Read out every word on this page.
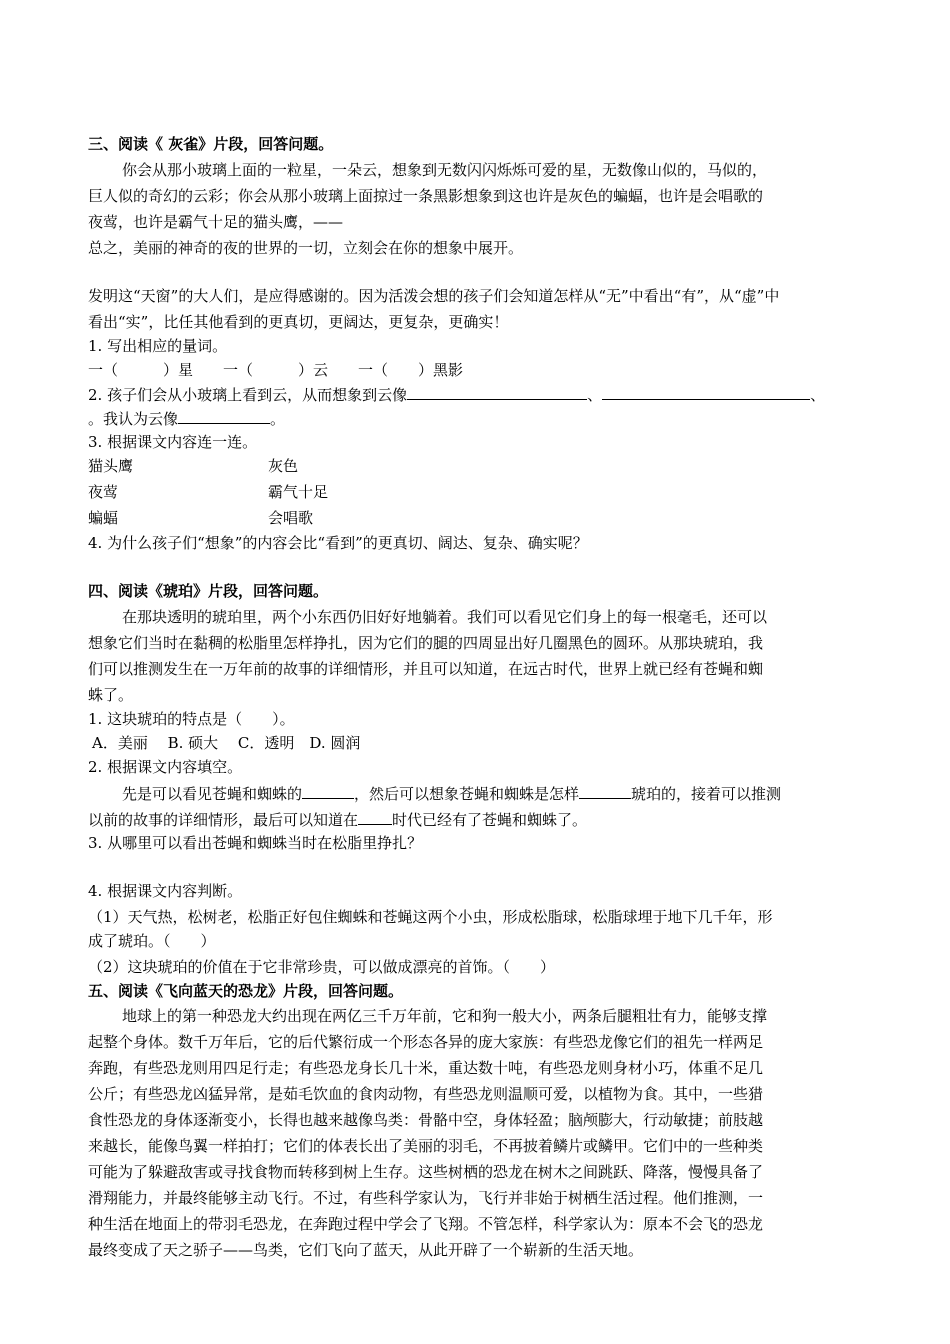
三、阅读《 灰雀》片段，回答问题。
你会从那小玻璃上面的一粒星，一朵云，想象到无数闪闪烁烁可爱的星，无数像山似的，马似的，
巨人似的奇幻的云彩；你会从那小玻璃上面掠过一条黑影想象到这也许是灰色的蝙蝠，也许是会唱歌的
夜莺，也许是霸气十足的猫头鹰，——
总之，美丽的神奇的夜的世界的一切，立刻会在你的想象中展开。
发明这“天窗”的大人们，是应得感谢的。因为活泼会想的孩子们会知道怎样从“无”中看出“有”，从“虚”中
看出“实”，比任其他看到的更真切，更阔达，更复杂，更确实！
1. 写出相应的量词。
一（　　　）星　　一（　　　）云　　一（　　）黑影
2. 孩子们会从小玻璃上看到云，从而想象到云像	、	、
。我认为云像	。
3. 根据课文内容连一连。
猫头鹰	灰色
夜莺	霸气十足
蝙蝠	会唱歌
4. 为什么孩子们“想象”的内容会比“看到”的更真切、阔达、复杂、确实呢？
四、阅读《琥珀》片段，回答问题。
在那块透明的琥珀里，两个小东西仍旧好好地躺着。我们可以看见它们身上的每一根毫毛，还可以
想象它们当时在黏稠的松脂里怎样挣扎，因为它们的腿的四周显出好几圈黑色的圆环。从那块琥珀，我
们可以推测发生在一万年前的故事的详细情形，并且可以知道，在远古时代，世界上就已经有苍蝇和蜘
蛛了。
1. 这块琥珀的特点是（　　）。
A．美丽　 B. 硕大　 C．透明　D. 圆润
2. 根据课文内容填空。
先是可以看见苍蝇和蜘蛛的	，然后可以想象苍蝇和蜘蛛是怎样	琥珀的，接着可以推测
以前的故事的详细情形，最后可以知道在 时代已经有了苍蝇和蜘蛛了。
3. 从哪里可以看出苍蝇和蜘蛛当时在松脂里挣扎？
4. 根据课文内容判断。
（1）天气热，松树老，松脂正好包住蜘蛛和苍蝇这两个小虫，形成松脂球，松脂球埋于地下几千年，形
成了琥珀。（　　）
（2）这块琥珀的价值在于它非常珍贵，可以做成漂亮的首饰。（　　）
五、阅读《飞向蓝天的恐龙》片段，回答问题。
地球上的第一种恐龙大约出现在两亿三千万年前，它和狗一般大小，两条后腿粗壮有力，能够支撑
起整个身体。数千万年后，它的后代繁衍成一个形态各异的庞大家族：有些恐龙像它们的祖先一样两足
奔跑，有些恐龙则用四足行走；有些恐龙身长几十米，重达数十吨，有些恐龙则身材小巧，体重不足几
公斤；有些恐龙凶猛异常，是茹毛饮血的食肉动物，有些恐龙则温顺可爱，以植物为食。其中，一些猎
食性恐龙的身体逐渐变小，长得也越来越像鸟类：骨骼中空，身体轻盈；脑颅膨大，行动敏捷；前肢越
来越长，能像鸟翼一样拍打；它们的体表长出了美丽的羽毛，不再披着鳞片或鳞甲。它们中的一些种类
可能为了躲避敌害或寻找食物而转移到树上生存。这些树栖的恐龙在树木之间跳跃、降落，慢慢具备了
滑翔能力，并最终能够主动飞行。不过，有些科学家认为，飞行并非始于树栖生活过程。他们推测，一
种生活在地面上的带羽毛恐龙，在奔跑过程中学会了飞翔。不管怎样，科学家认为：原本不会飞的恐龙
最终变成了天之骄子——鸟类，它们飞向了蓝天，从此开辟了一个崭新的生活天地。
